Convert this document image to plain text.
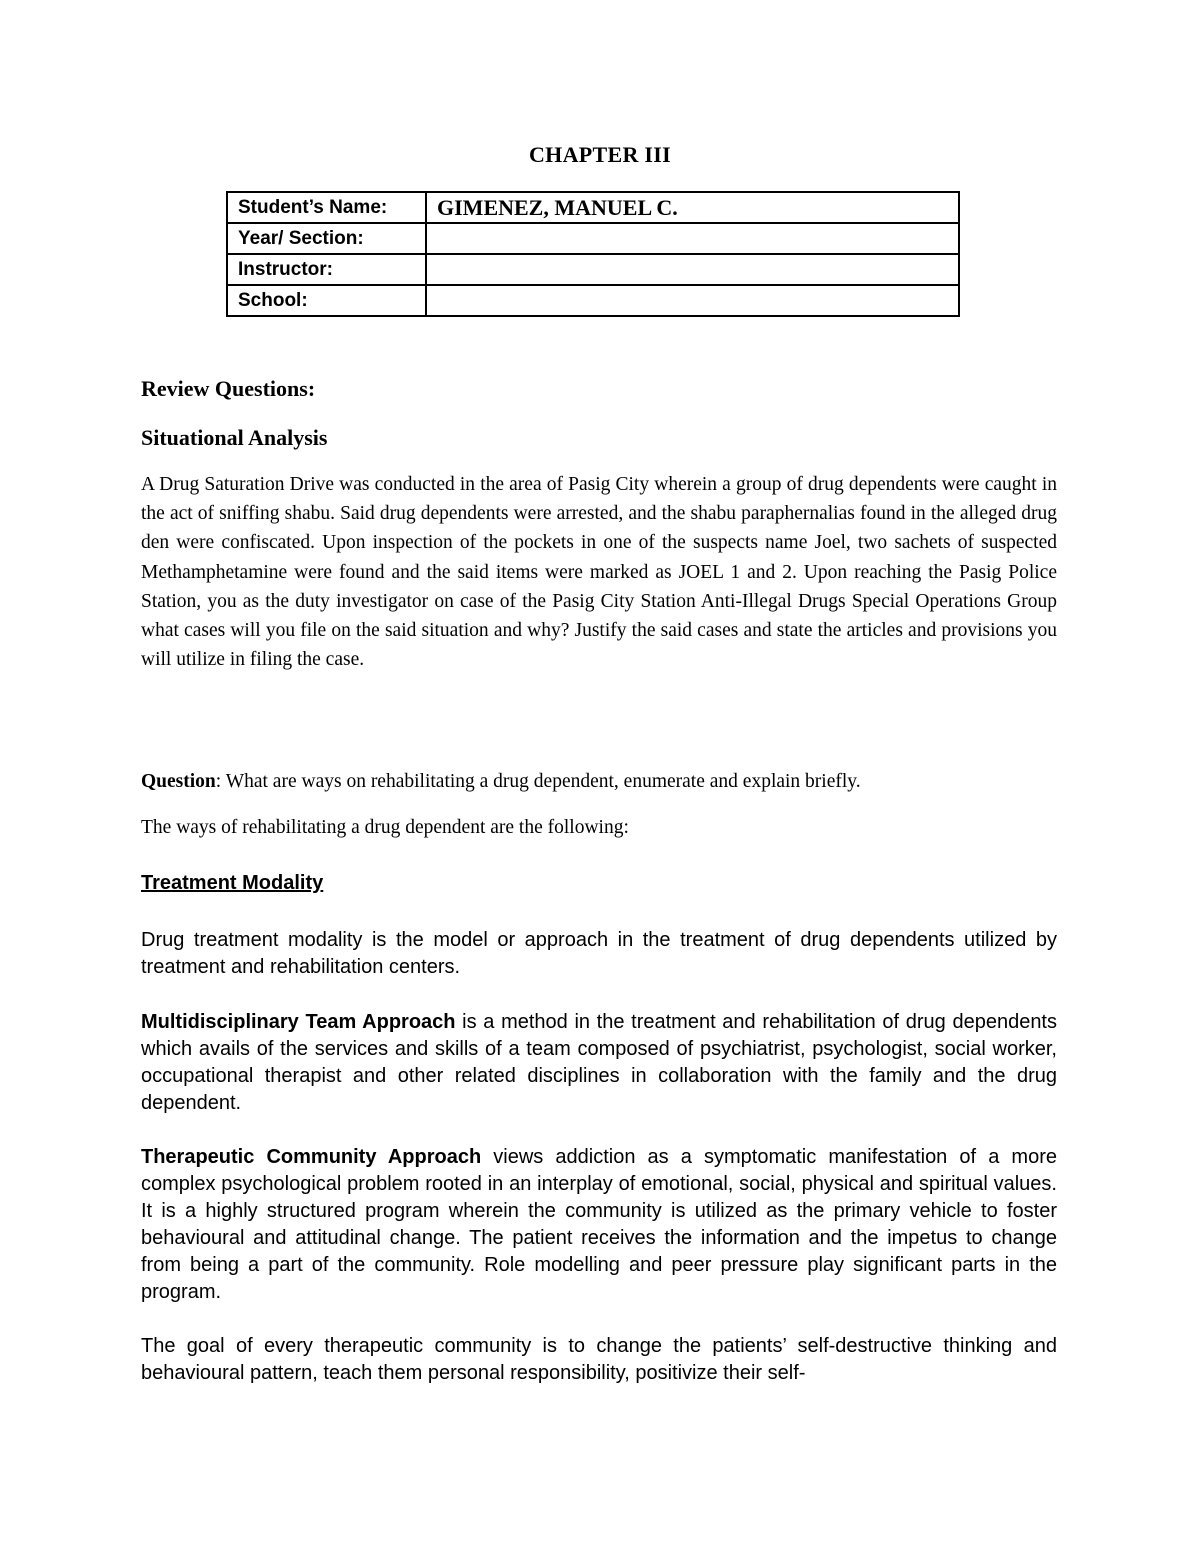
CHAPTER III
Student’s Name:	GIMENEZ, MANUEL C.
Year/ Section:	
Instructor:	
School:	
Review Questions:
Situational Analysis

A Drug Saturation Drive was conducted in the area of Pasig City wherein a group of drug dependents were caught in the act of sniffing shabu. Said drug dependents were arrested, and the shabu paraphernalias found in the alleged drug den were confiscated. Upon inspection of the pockets in one of the suspects name Joel, two sachets of suspected Methamphetamine were found and the said items were marked as JOEL 1 and 2. Upon reaching the Pasig Police Station, you as the duty investigator on case of the Pasig City Station Anti-Illegal Drugs Special Operations Group what cases will you file on the said situation and why? Justify the said cases and state the articles and provisions you will utilize in filing the case.

Question: What are ways on rehabilitating a drug dependent, enumerate and explain briefly.

The ways of rehabilitating a drug dependent are the following:

Treatment Modality

Drug treatment modality is the model or approach in the treatment of drug dependents utilized by treatment and rehabilitation centers.

Multidisciplinary Team Approach is a method in the treatment and rehabilitation of drug dependents which avails of the services and skills of a team composed of psychiatrist, psychologist, social worker, occupational therapist and other related disciplines in collaboration with the family and the drug dependent.

Therapeutic Community Approach views addiction as a symptomatic manifestation of a more complex psychological problem rooted in an interplay of emotional, social, physical and spiritual values. It is a highly structured program wherein the community is utilized as the primary vehicle to foster behavioural and attitudinal change. The patient receives the information and the impetus to change from being a part of the community. Role modelling and peer pressure play significant parts in the program.

The goal of every therapeutic community is to change the patients’ self-destructive thinking and behavioural pattern, teach them personal responsibility, positivize their self-
